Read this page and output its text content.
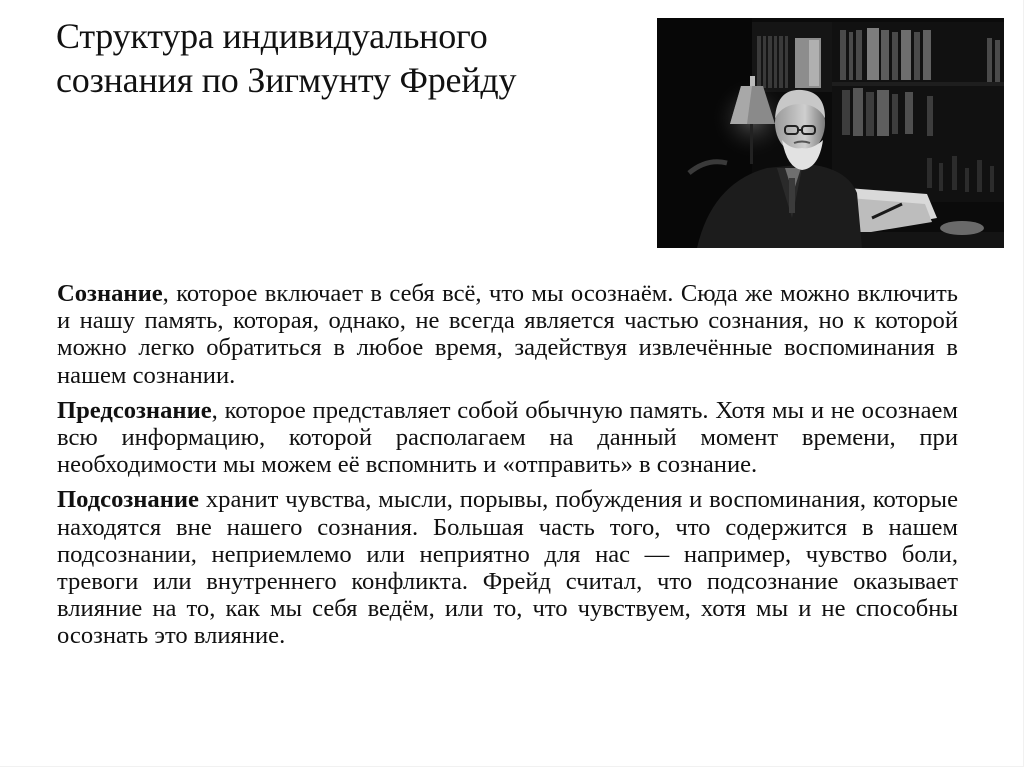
Структура индивидуального
сознания по Зигмунту Фрейду

Сознание, которое включает в себя всё, что мы осознаём. Сюда же можно включить и нашу память, которая, однако, не всегда является частью сознания, но к которой можно легко обратиться в любое время, задействуя извлечённые воспоминания в нашем сознании.

Предсознание, которое представляет собой обычную память. Хотя мы и не осознаем всю информацию, которой располагаем на данный момент времени, при необходимости мы можем её вспомнить и «отправить» в сознание.

Подсознание хранит чувства, мысли, порывы, побуждения и воспоминания, которые находятся вне нашего сознания. Большая часть того, что содержится в нашем подсознании, неприемлемо или неприятно для нас — например, чувство боли, тревоги или внутреннего конфликта. Фрейд считал, что подсознание оказывает влияние на то, как мы себя ведём, или то, что чувствуем, хотя мы и не способны осознать это влияние.
